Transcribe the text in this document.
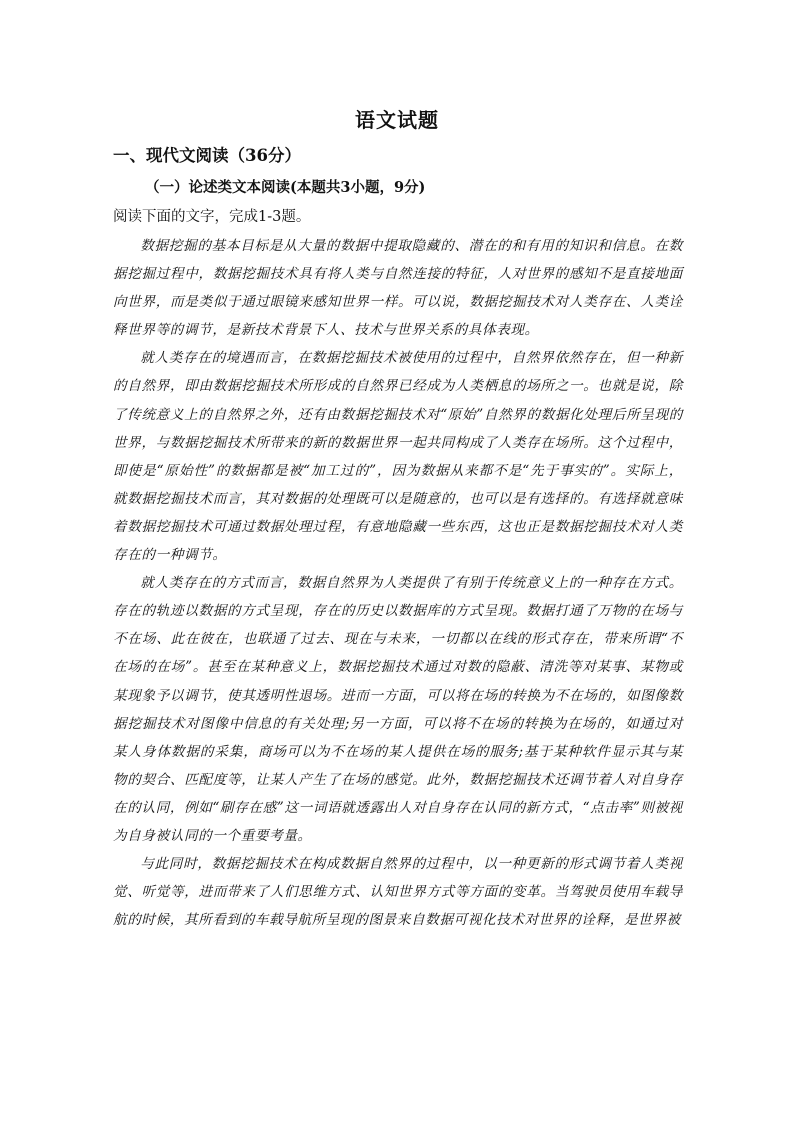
语文试题
一、现代文阅读（36分）
（一）论述类文本阅读(本题共3小题，9分)
阅读下面的文字，完成1-3题。

数据挖掘的基本目标是从大量的数据中提取隐藏的、潜在的和有用的知识和信息。在数据挖掘过程中，数据挖掘技术具有将人类与自然连接的特征，人对世界的感知不是直接地面向世界，而是类似于通过眼镜来感知世界一样。可以说，数据挖掘技术对人类存在、人类诠释世界等的调节，是新技术背景下人、技术与世界关系的具体表现。

就人类存在的境遇而言，在数据挖掘技术被使用的过程中，自然界依然存在，但一种新的自然界，即由数据挖掘技术所形成的自然界已经成为人类栖息的场所之一。也就是说，除了传统意义上的自然界之外，还有由数据挖掘技术对“原始”自然界的数据化处理后所呈现的世界，与数据挖掘技术所带来的新的数据世界一起共同构成了人类存在场所。这个过程中，即使是“原始性”的数据都是被“加工过的”，因为数据从来都不是“先于事实的”。实际上，就数据挖掘技术而言，其对数据的处理既可以是随意的，也可以是有选择的。有选择就意味着数据挖掘技术可通过数据处理过程，有意地隐藏一些东西，这也正是数据挖掘技术对人类存在的一种调节。

就人类存在的方式而言，数据自然界为人类提供了有别于传统意义上的一种存在方式。存在的轨迹以数据的方式呈现，存在的历史以数据库的方式呈现。数据打通了万物的在场与不在场、此在彼在，也联通了过去、现在与未来，一切都以在线的形式存在，带来所谓“不在场的在场”。甚至在某种意义上，数据挖掘技术通过对数的隐蔽、清洗等对某事、某物或某现象予以调节，使其透明性退场。进而一方面，可以将在场的转换为不在场的，如图像数据挖掘技术对图像中信息的有关处理;另一方面，可以将不在场的转换为在场的，如通过对某人身体数据的采集，商场可以为不在场的某人提供在场的服务;基于某种软件显示其与某物的契合、匹配度等，让某人产生了在场的感觉。此外，数据挖掘技术还调节着人对自身存在的认同，例如“刷存在感”这一词语就透露出人对自身存在认同的新方式，“点击率”则被视为自身被认同的一个重要考量。

与此同时，数据挖掘技术在构成数据自然界的过程中，以一种更新的形式调节着人类视觉、听觉等，进而带来了人们思维方式、认知世界方式等方面的变革。当驾驶员使用车载导航的时候，其所看到的车载导航所呈现的图景来自数据可视化技术对世界的诠释，是世界被
